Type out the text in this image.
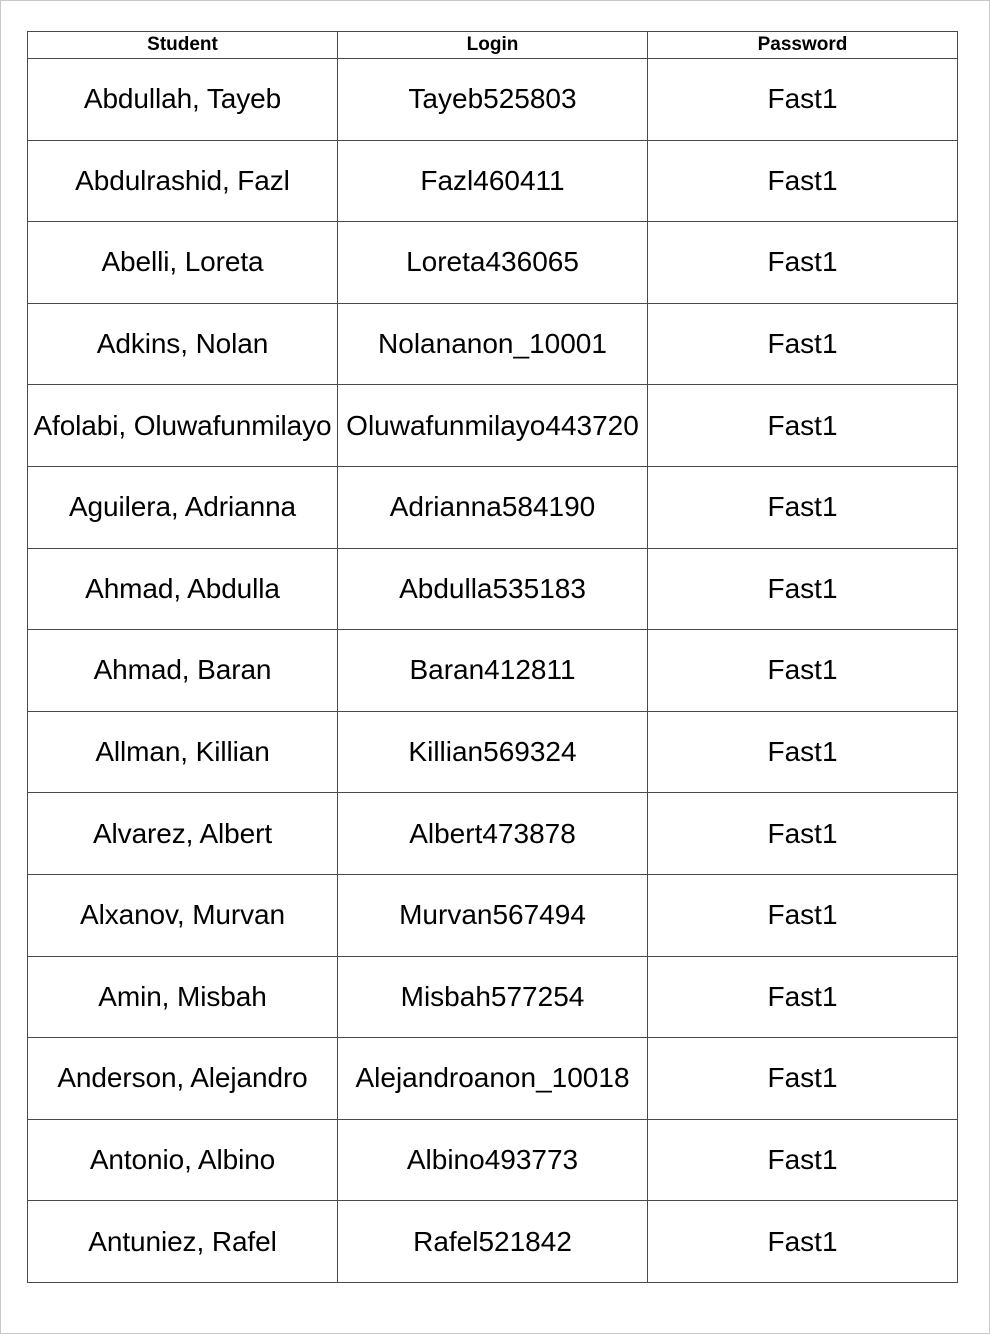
Student	Login	Password
Abdullah, Tayeb	Tayeb525803	Fast1
Abdulrashid, Fazl	Fazl460411	Fast1
Abelli, Loreta	Loreta436065	Fast1
Adkins, Nolan	Nolananon_10001	Fast1
Afolabi, Oluwafunmilayo	Oluwafunmilayo443720	Fast1
Aguilera, Adrianna	Adrianna584190	Fast1
Ahmad, Abdulla	Abdulla535183	Fast1
Ahmad, Baran	Baran412811	Fast1
Allman, Killian	Killian569324	Fast1
Alvarez, Albert	Albert473878	Fast1
Alxanov, Murvan	Murvan567494	Fast1
Amin, Misbah	Misbah577254	Fast1
Anderson, Alejandro	Alejandroanon_10018	Fast1
Antonio, Albino	Albino493773	Fast1
Antuniez, Rafel	Rafel521842	Fast1
